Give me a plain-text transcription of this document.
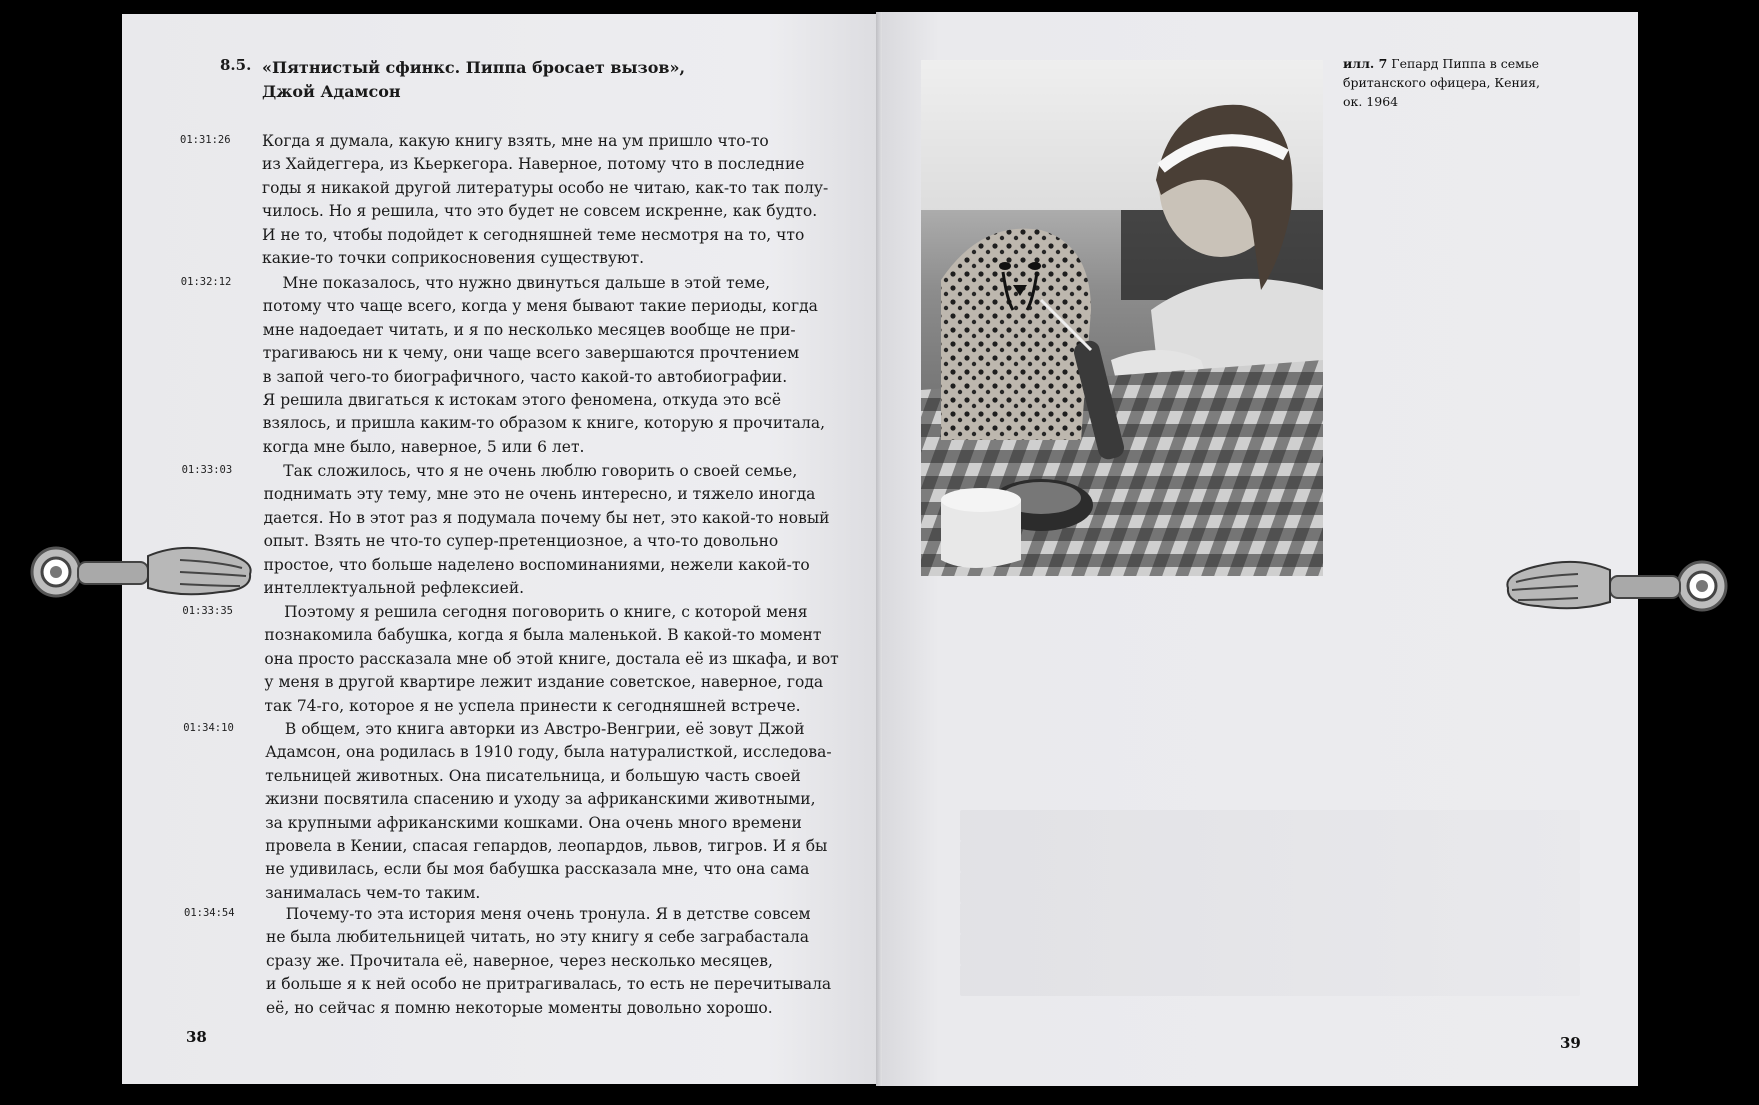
8.5. «Пятнистый сфинкс. Пиппа бросает вызов»,
Джой Адамсон
01:31:26	Когда я думала, какую книгу взять, мне на ум пришло что-то
из Хайдеггера, из Кьеркегора. Наверное, потому что в последние
годы я никакой другой литературы особо не читаю, как-то так полу-
чилось. Но я решила, что это будет не совсем искренне, как будто.
И не то, чтобы подойдет к сегодняшней теме несмотря на то, что
какие-то точки соприкосновения существуют.
01:32:12	Мне показалось, что нужно двинуться дальше в этой теме,
потому что чаще всего, когда у меня бывают такие периоды, когда
мне надоедает читать, и я по несколько месяцев вообще не при-
трагиваюсь ни к чему, они чаще всего завершаются прочтением
в запой чего-то биографичного, часто какой-то автобиографии.
Я решила двигаться к истокам этого феномена, откуда это всё
взялось, и пришла каким-то образом к книге, которую я прочитала,
когда мне было, наверное, 5 или 6 лет.
01:33:03	Так сложилось, что я не очень люблю говорить о своей семье,
поднимать эту тему, мне это не очень интересно, и тяжело иногда
дается. Но в этот раз я подумала почему бы нет, это какой-то новый
опыт. Взять не что-то супер-претенциозное, а что-то довольно
простое, что больше наделено воспоминаниями, нежели какой-то
интеллектуальной рефлексией.
01:33:35	Поэтому я решила сегодня поговорить о книге, с которой меня
познакомила бабушка, когда я была маленькой. В какой-то момент
она просто рассказала мне об этой книге, достала её из шкафа, и вот
у меня в другой квартире лежит издание советское, наверное, года
так 74-го, которое я не успела принести к сегодняшней встрече.
01:34:10	В общем, это книга авторки из Австро-Венгрии, её зовут Джой
Адамсон, она родилась в 1910 году, была натуралисткой, исследова-
тельницей животных. Она писательница, и большую часть своей
жизни посвятила спасению и уходу за африканскими животными,
за крупными африканскими кошками. Она очень много времени
провела в Кении, спасая гепардов, леопардов, львов, тигров. И я бы
не удивилась, если бы моя бабушка рассказала мне, что она сама
занималась чем-то таким.
01:34:54	Почему-то эта история меня очень тронула. Я в детстве совсем
не была любительницей читать, но эту книгу я себе заграбастала
сразу же. Прочитала её, наверное, через несколько месяцев,
и больше я к ней особо не притрагивалась, то есть не перечитывала
её, но сейчас я помню некоторые моменты довольно хорошо.
38	39
илл. 7 Гепард Пиппа в семье
британского офицера, Кения,
ок. 1964
